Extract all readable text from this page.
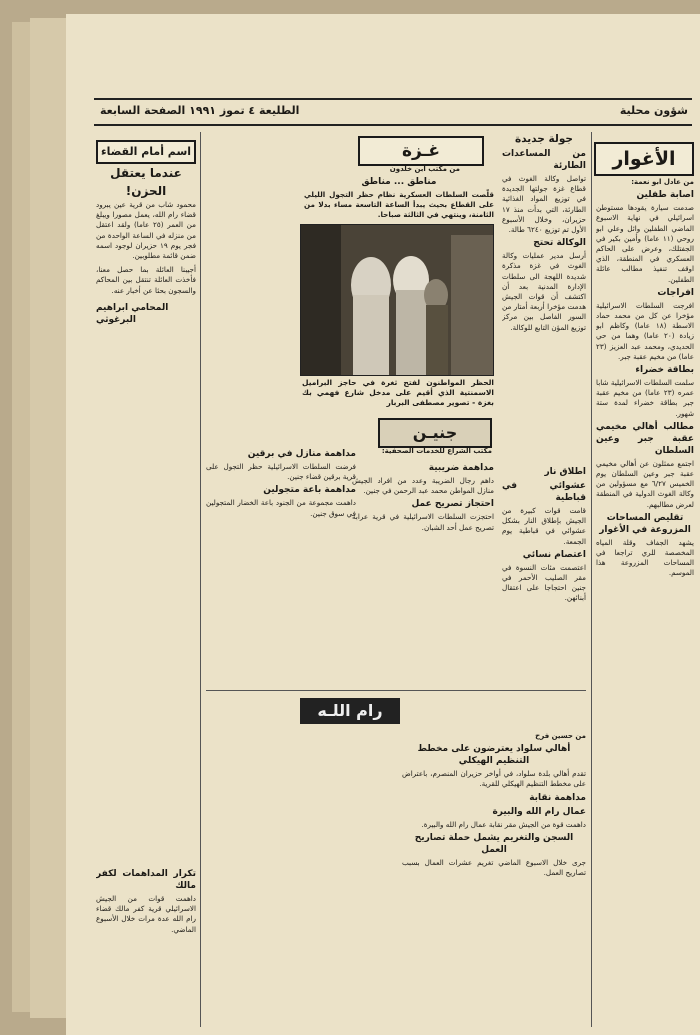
شؤون محلية
الطليعة ٤ تموز ١٩٩١ الصفحة السابعة
الأغوار
من عادل ابو نعمة:
اصابة طفلين
صدمت سيارة يقودها مستوطن اسرائيلي في نهاية الاسبوع الماضي الطفلين وائل وعلي ابو روحي (١١ عاما) وأمين بكير في الجفتلك، وعرض على الحاكم العسكري في المنطقة، الذي اوقف تنفيذ مطالب عائلة الطفلين.
افراجات
افرجت السلطات الاسرائيلية مؤخرا عن كل من محمد حماد الاسطة (١٨ عاما) وكاظم ابو زيادة (٢٠ عاما) وهما من حي الحديدي، ومحمد عبد العزيز (٢٣ عاما) من مخيم عقبة جبر.
بطاقة خضراء
سلمت السلطات الاسرائيلية شابا عمره (٢٣ عاما) من مخيم عقبة جبر بطاقة خضراء لمدة ستة شهور.
مطالب أهالي مخيمي عقبة جبر وعين السلطان
اجتمع ممثلون عن أهالي مخيمي عقبة جبر وعين السلطان يوم الخميس ٦/٢٧ مع مسؤولين من وكالة الغوث الدولية في المنطقة لعرض مطالبهم.
تقليص المساحات المزروعة في الأغوار
يشهد الجفاف وقلة المياه المخصصة للري تراجعا في المساحات المزروعة هذا الموسم.
جولة جديدة
من المساعدات الطارئة
تواصل وكالة الغوث في قطاع غزة جولتها الجديدة في توزيع المواد الغذائية الطارئة، التي بدأت منذ ١٧ حزيران، وخلال الأسبوع الأول تم توزيع ٦٢٤٠ طالة.
الوكالة تحتج
أرسل مدير عمليات وكالة الغوث في غزة مذكرة شديدة اللهجة الى سلطات الإدارة المدنية بعد أن اكتشف أن قوات الجيش هدمت مؤخرا أربعة أمتار من السور الفاصل بين مركز توزيع المؤن التابع للوكالة.
اطلاق نار
عشوائي في قباطية
قامت قوات كبيرة من الجيش بإطلاق النار بشكل عشوائي في قباطية يوم الجمعة.
اعتصام نسائي
اعتصمت مئات النسوة في مقر الصليب الأحمر في جنين احتجاجا على اعتقال أبنائهن.
غـزة
من مكتب ابن خلدون
مناطق ... مناطق
قلّصت السلطات العسكرية نظام حظر التجول الليلي على القطاع بحيث يبدأ الساعة التاسعة مساء بدلا من الثامنة، وينتهي في الثالثة صباحا.
الحظر المواطنون لفتح ثغرة في حاجز البراميل الاسمنتية الذي أقيم على مدخل شارع فهمي بك بغزة - تصوير مصطفى البربار
اسم أمام القضاء
عندما يعتقل الحزن!
محمود شاب من قرية عين يبرود قضاء رام الله، يعمل مصورا ويبلغ من العمر (٢٥ عاما) ولقد اعتقل من منزله في الساعة الواحدة من فجر يوم ١٩ حزيران لوجود اسمه ضمن قائمة مطلوبين.
أجيبنا العائلة بما حصل معنا، فأخذت العائلة تنتقل بين المحاكم والسجون بحثا عن أخبار عنه.
المحامي ابراهيم البرغوثي
تكرار المداهمات لكفر مالك
داهمت قوات من الجيش الاسرائيلي قرية كفر مالك قضاء رام الله عدة مرات خلال الأسبوع الماضي.
جنيـن
مكتب الشراع للخدمات الصحفية:
مداهمة منازل في برقين
فرضت السلطات الاسرائيلية حظر التجول على قرية برقين قضاء جنين.
مداهمة باعة متجولين
داهمت مجموعة من الجنود باعة الخضار المتجولين في سوق جنين.
مداهمة ضريبية
داهم رجال الضريبة وعدد من افراد الجيش منازل المواطن محمد عبد الرحمن في جنين.
احتجاز تصريح عمل
احتجزت السلطات الاسرائيلية في قرية عرابة تصريح عمل أحد الشبان.
رام اللـه
من حسين فرح
أهالي سلواد يعترضون على مخطط التنظيم الهيكلي
تقدم أهالي بلدة سلواد، في أواخر حزيران المنصرم، باعتراض على مخطط التنظيم الهيكلي للقرية.
مداهمة نقابة
عمال رام الله والبيرة
داهمت قوة من الجيش مقر نقابة عمال رام الله والبيرة.
السجن والتغريم يشمل حملة تصاريح العمل
جرى خلال الاسبوع الماضي تغريم عشرات العمال بسبب تصاريح العمل.
